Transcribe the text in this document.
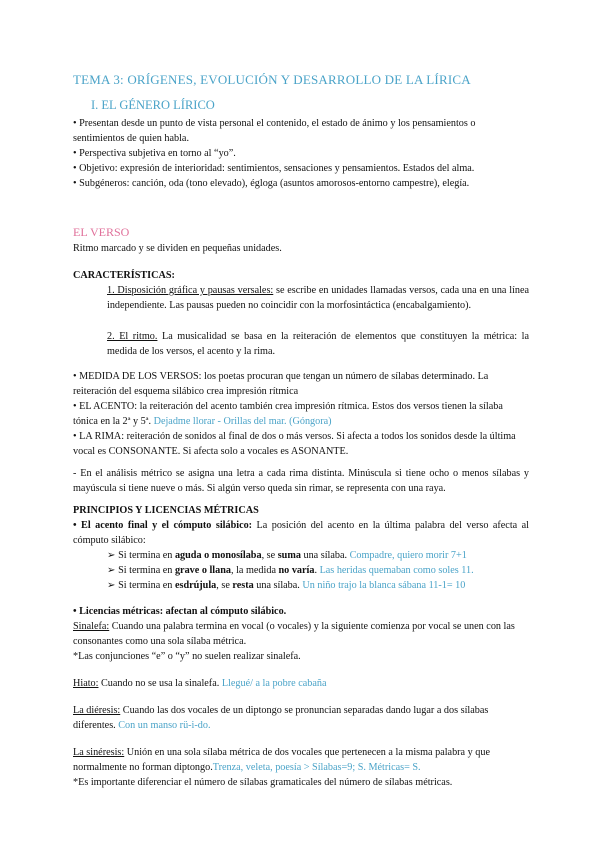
TEMA 3: ORÍGENES, EVOLUCIÓN Y DESARROLLO DE LA LÍRICA
I. EL GÉNERO LÍRICO

• Presentan desde un punto de vista personal el contenido, el estado de ánimo y los pensamientos o sentimientos de quien habla.

• Perspectiva subjetiva en torno al “yo”.

• Objetivo: expresión de interioridad: sentimientos, sensaciones y pensamientos. Estados del alma.

• Subgéneros: canción, oda (tono elevado), égloga (asuntos amorosos-entorno campestre), elegía.

EL VERSO

Ritmo marcado y se dividen en pequeñas unidades.

CARACTERÍSTICAS:

1. Disposición gráfica y pausas versales: se escribe en unidades llamadas versos, cada una en una línea independiente. Las pausas pueden no coincidir con la morfosintáctica (encabalgamiento).

2. El ritmo. La musicalidad se basa en la reiteración de elementos que constituyen la métrica: la medida de los versos, el acento y la rima.

• MEDIDA DE LOS VERSOS: los poetas procuran que tengan un número de sílabas determinado. La reiteración del esquema silábico crea impresión rítmica

• EL ACENTO: la reiteración del acento también crea impresión rítmica. Estos dos versos tienen la sílaba tónica en la 2ª y 5ª. Dejadme llorar - Orillas del mar. (Góngora)

• LA RIMA: reiteración de sonidos al final de dos o más versos. Si afecta a todos los sonidos desde la última vocal es CONSONANTE. Si afecta solo a vocales es ASONANTE.

- En el análisis métrico se asigna una letra a cada rima distinta. Minúscula si tiene ocho o menos sílabas y mayúscula si tiene nueve o más. Si algún verso queda sin rimar, se representa con una raya.

PRINCIPIOS Y LICENCIAS MÉTRICAS

• El acento final y el cómputo silábico: La posición del acento en la última palabra del verso afecta al cómputo silábico:

➢ Si termina en aguda o monosílaba, se suma una sílaba. Compadre, quiero morir 7+1

➢ Si termina en grave o llana, la medida no varía. Las heridas quemaban como soles 11.

➢ Si termina en esdrújula, se resta una sílaba. Un niño trajo la blanca sábana 11-1= 10

• Licencias métricas: afectan al cómputo silábico.

Sinalefa: Cuando una palabra termina en vocal (o vocales) y la siguiente comienza por vocal se unen con las consonantes como una sola sílaba métrica.

*Las conjunciones “e” o “y” no suelen realizar sinalefa.

Hiato: Cuando no se usa la sinalefa. Llegué/ a la pobre cabaña

La diéresis: Cuando las dos vocales de un diptongo se pronuncian separadas dando lugar a dos sílabas diferentes. Con un manso rü-i-do.

La sinéresis: Unión en una sola sílaba métrica de dos vocales que pertenecen a la misma palabra y que normalmente no forman diptongo.Trenza, veleta, poesía > Sílabas=9; S. Métricas= S.

*Es importante diferenciar el número de sílabas gramaticales del número de sílabas métricas.
